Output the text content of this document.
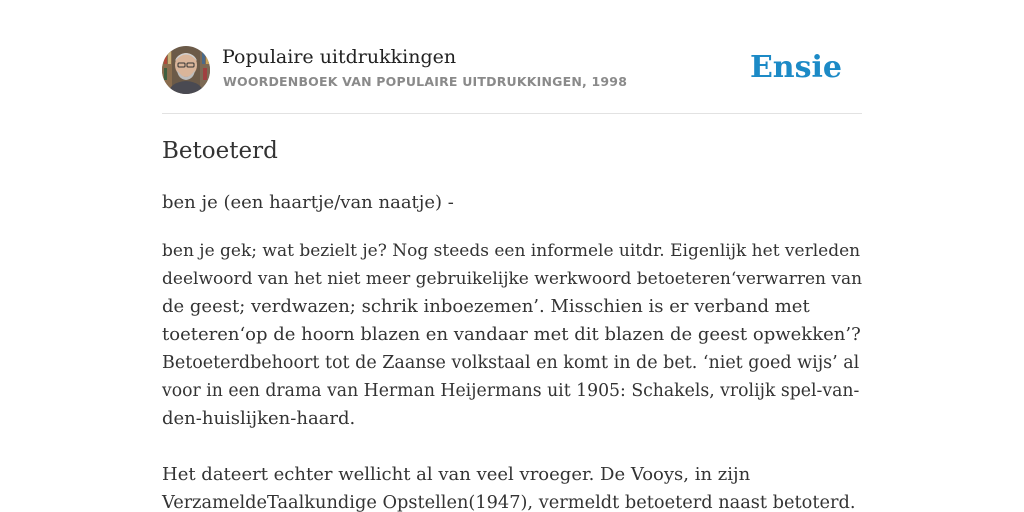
Populaire uitdrukkingen
WOORDENBOEK VAN POPULAIRE UITDRUKKINGEN, 1998	Ensie
Betoeterd
ben je (een haartje/van naatje) -
ben je gek; wat bezielt je? Nog steeds een informele uitdr. Eigenlijk het verleden
deelwoord van het niet meer gebruikelijke werkwoord betoeteren‘verwarren van
de geest; verdwazen; schrik inboezemen’. Misschien is er verband met
toeteren‘op de hoorn blazen en vandaar met dit blazen de geest opwekken’?
Betoeterdbehoort tot de Zaanse volkstaal en komt in de bet. ‘niet goed wijs’ al
voor in een drama van Herman Heijermans uit 1905: Schakels, vrolijk spel-van-
den-huislijken-haard.
Het dateert echter wellicht al van veel vroeger. De Vooys, in zijn
VerzameldeTaalkundige Opstellen(1947), vermeldt betoeterd naast betoterd.
